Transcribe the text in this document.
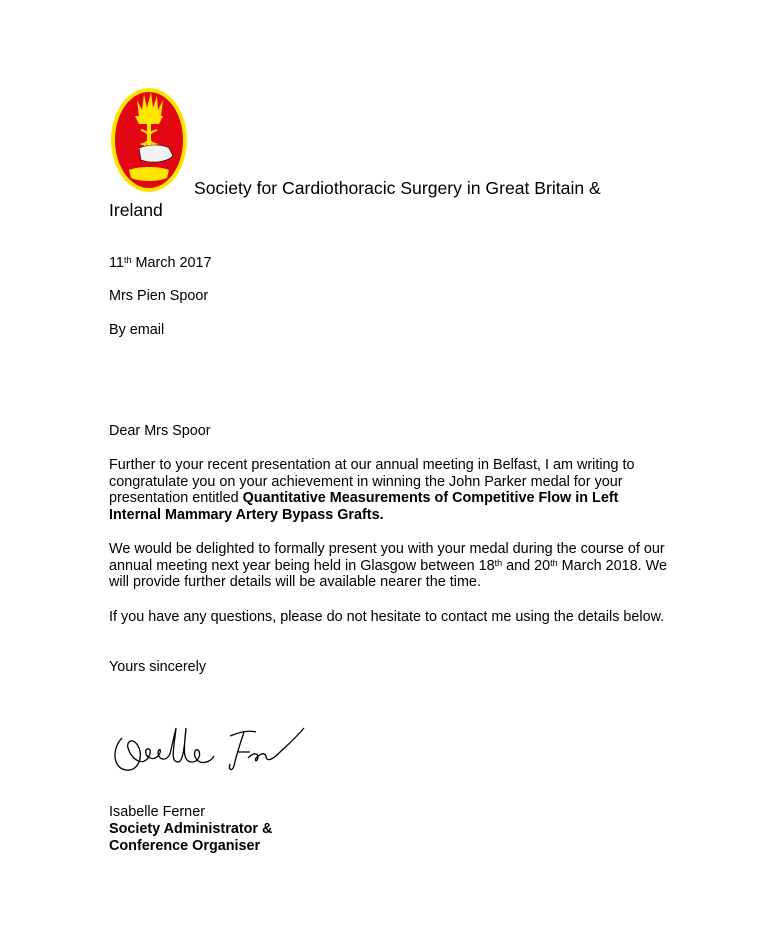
Society for Cardiothoracic Surgery in Great Britain &
Ireland
11th March 2017
Mrs Pien Spoor
By email
Dear Mrs Spoor
Further to your recent presentation at our annual meeting in Belfast, I am writing to congratulate you on your achievement in winning the John Parker medal for your presentation entitled Quantitative Measurements of Competitive Flow in Left Internal Mammary Artery Bypass Grafts.
We would be delighted to formally present you with your medal during the course of our annual meeting next year being held in Glasgow between 18th and 20th March 2018. We will provide further details will be available nearer the time.
If you have any questions, please do not hesitate to contact me using the details below.
Yours sincerely
Isabelle Ferner
Society Administrator &
Conference Organiser
